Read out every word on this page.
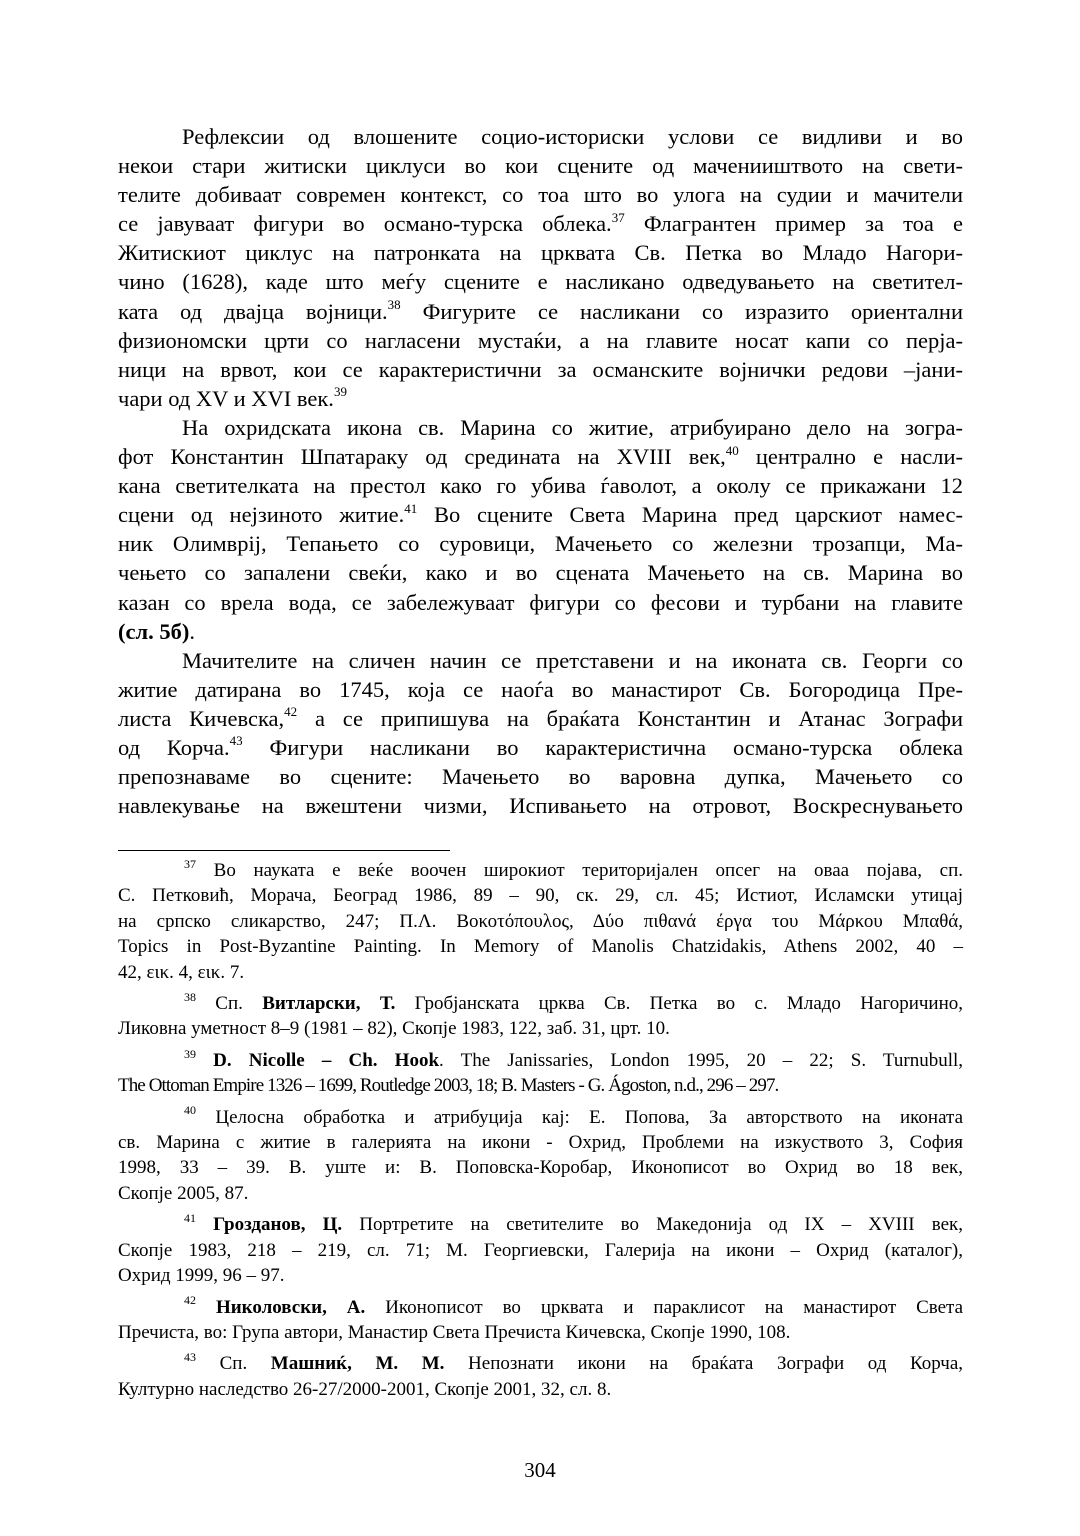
Рефлексии од влошените социо-историски услови се видливи и во
некои стари житиски циклуси во кои сцените од маченииштвото на свети-
телите добиваат современ контекст, со тоа што во улога на судии и мачители
се јавуваат фигури во османо-турска облека.$^{37}$ Флагрантен пример за тоа е
Житискиот циклус на патронката на црквата Св. Петка во Младо Нагори-
чино (1628), каде што меѓу сцените е насликано одведувањето на светител-
ката од двајца војници.$^{38}$ Фигурите се насликани со изразито ориентални
физиономски црти со нагласени мустаќи, а на главите носат капи со перја-
ници на врвот, кои се карактеристични за османските војнички редови –јани-
чари од XV и XVI век.$^{39}$

На охридската икона св. Марина со житие, атрибуирано дело на зогра-
фот Константин Шпатараку од средината на XVIII век,$^{40}$ централно е насли-
кана светителката на престол како го убива ѓаволот, а околу се прикажани 12
сцени од нејзиното житие.$^{41}$ Во сцените Света Марина пред царскиот намес-
ник Олимврij, Тепањето со суровици, Мачењето со железни трозапци, Ма-
чењето со запалени свеќи, како и во сцената Мачењето на св. Марина во
казан со врела вода, се забележуваат фигури со фесови и турбани на главите
(сл. 5б).

Мачителите на сличен начин се претставени и на иконата св. Георги со
житие датирана во 1745, која се наоѓа во манастирот Св. Богородица Пре-
листа Кичевска,$^{42}$ а се припишува на браќата Константин и Атанас Зографи
од Корча.$^{43}$ Фигури насликани во карактеристична османо-турска облека
препознаваме во сцените: Мачењето во варовна дупка, Мачењето со
навлекување на вжештени чизми, Испивањето на отровот, Воскреснувањето

$^{37}$ Во науката е веќе воочен широкиот територијален опсег на оваа појава, сп.
С. Петковић, Морача, Београд 1986, 89 – 90, ск. 29, сл. 45; Истиот, Исламски утицај
на српско сликарство, 247; Π.Λ. Βοκοτόπουλος, Δύο πιθανά έργα του Μάρκου Μπαθά,
Topics in Post-Byzantine Painting. In Memory of Manolis Chatzidakis, Athens 2002, 40 –
42, εικ. 4, εικ. 7.

$^{38}$ Сп. Витларски, Т. Гробјанската црква Св. Петка во с. Младо Нагоричино,
Ликовна уметност 8–9 (1981 – 82), Скопје 1983, 122, заб. 31, црт. 10.

$^{39}$ D. Nicolle – Ch. Hook. The Janissaries, London 1995, 20 – 22; S. Turnubull,
The Ottoman Empire 1326 – 1699, Routledge 2003, 18; B. Masters - G. Ágoston, n.d., 296 – 297.

$^{40}$ Целосна обработка и атрибуција кај: Е. Попова, За авторството на иконата
св. Марина с житие в галерията на икони - Охрид, Проблеми на изкуството 3, София
1998, 33 – 39. В. уште и: В. Поповска-Коробар, Иконописот во Охрид во 18 век,
Скопје 2005, 87.

$^{41}$ Грозданов, Ц. Портретите на светителите во Македонија од IX – XVIII век,
Скопје 1983, 218 – 219, сл. 71; М. Георгиевски, Галерија на икони – Охрид (каталог),
Охрид 1999, 96 – 97.

$^{42}$ Николовски, А. Иконописот во црквата и параклисот на манастирот Света
Пречиста, во: Група автори, Манастир Света Пречиста Кичевска, Скопје 1990, 108.

$^{43}$ Сп. Машниќ, М. М. Непознати икони на браќата Зографи од Корча,
Културно наследство 26-27/2000-2001, Скопје 2001, 32, сл. 8.

304
